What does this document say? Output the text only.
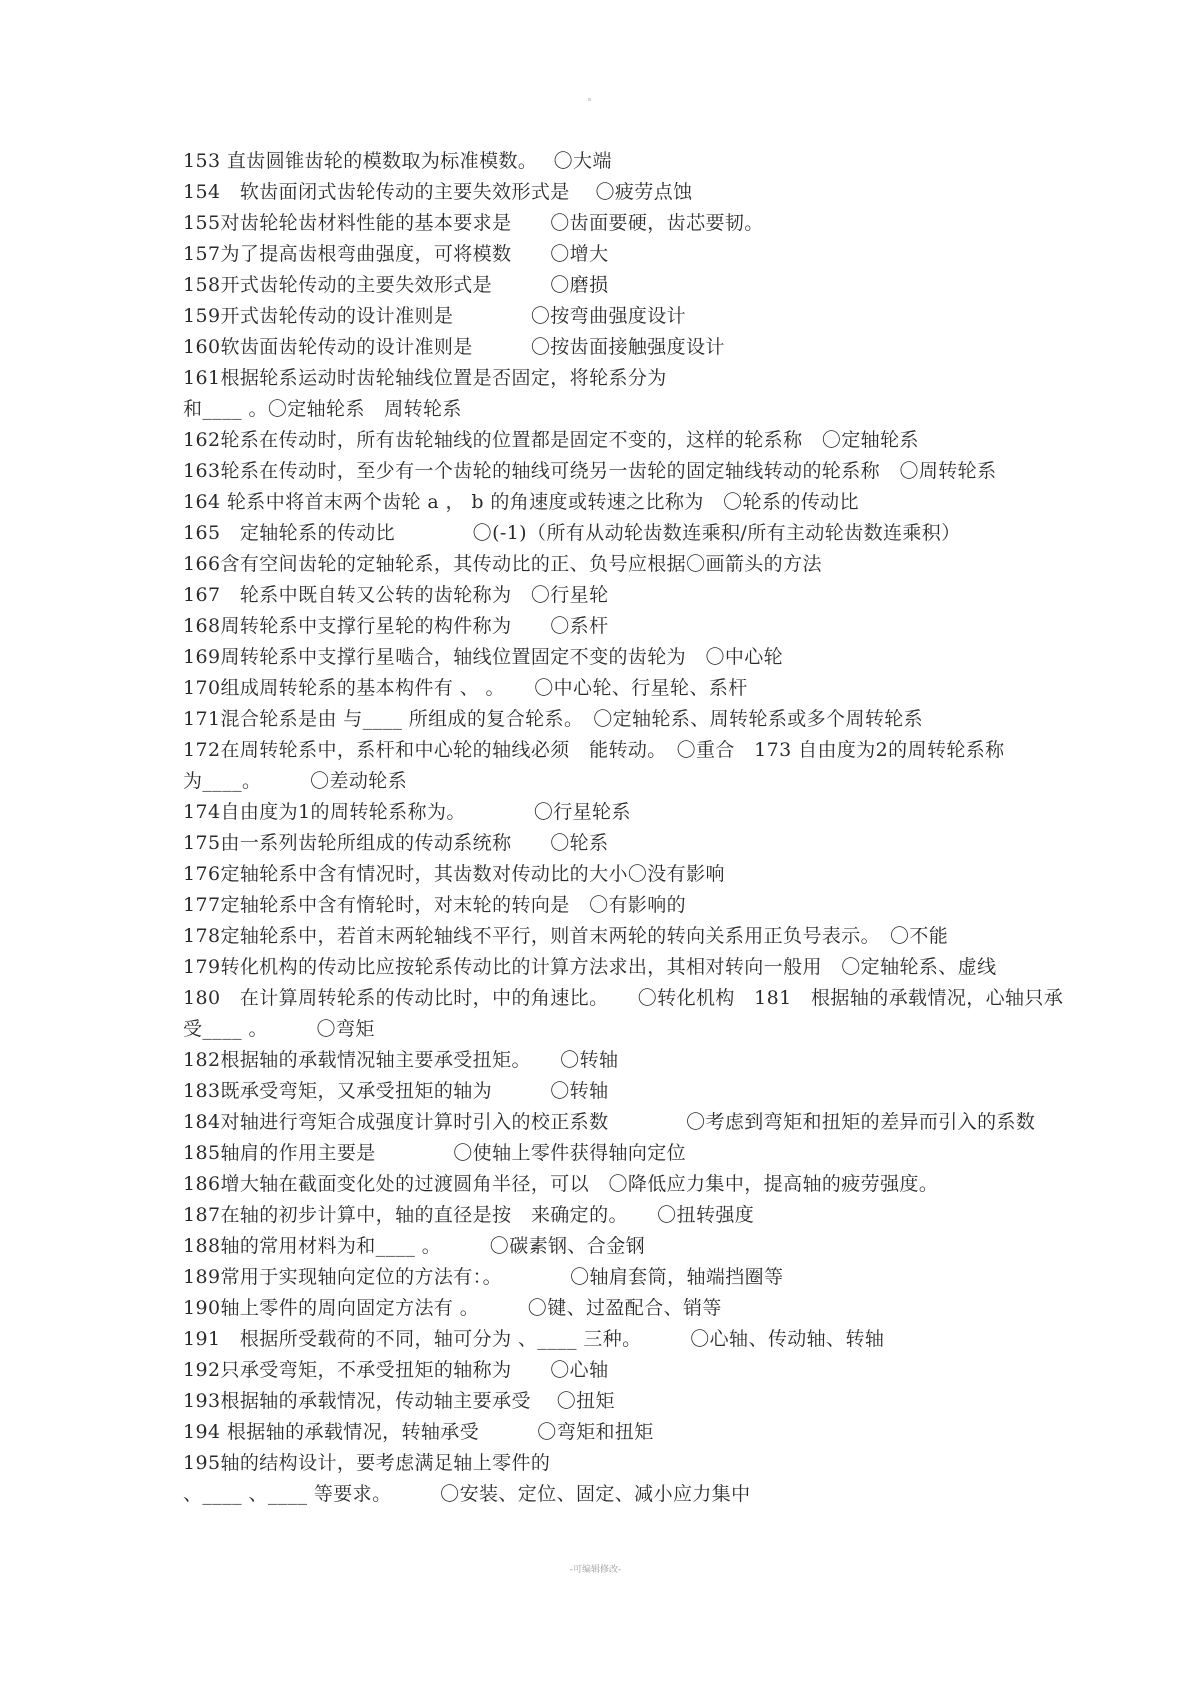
153 直齿圆锥齿轮的模数取为标准模数。　 〇大端
154　软齿面闭式齿轮传动的主要失效形式是　 〇疲劳点蚀
155对齿轮轮齿材料性能的基本要求是　　〇齿面要硬，齿芯要韧。
157为了提高齿根弯曲强度，可将模数　　〇增大
158开式齿轮传动的主要失效形式是　　　〇磨损
159开式齿轮传动的设计准则是　　　　〇按弯曲强度设计
160软齿面齿轮传动的设计准则是　　　〇按齿面接触强度设计
161根据轮系运动时齿轮轴线位置是否固定，将轮系分为
和____ 。〇定轴轮系　周转轮系
162轮系在传动时，所有齿轮轴线的位置都是固定不变的，这样的轮系称　〇定轴轮系
163轮系在传动时，至少有一个齿轮的轴线可绕另一齿轮的固定轴线转动的轮系称　〇周转轮系
164 轮系中将首末两个齿轮 a ， b 的角速度或转速之比称为　〇轮系的传动比
165　定轴轮系的传动比　　　　〇(-1)（所有从动轮齿数连乘积/所有主动轮齿数连乘积）
166含有空间齿轮的定轴轮系，其传动比的正、负号应根据〇画箭头的方法
167　轮系中既自转又公转的齿轮称为　〇行星轮
168周转轮系中支撑行星轮的构件称为　　〇系杆
169周转轮系中支撑行星啮合，轴线位置固定不变的齿轮为　〇中心轮
170组成周转轮系的基本构件有 、 。　　〇中心轮、行星轮、系杆
171混合轮系是由 与____ 所组成的复合轮系。　〇定轴轮系、周转轮系或多个周转轮系
172在周转轮系中，系杆和中心轮的轴线必须　能转动。　〇重合　173 自由度为2的周转轮系称
为____。　　　〇差动轮系
174自由度为1的周转轮系称为。　　　　〇行星轮系
175由一系列齿轮所组成的传动系统称　　〇轮系
176定轴轮系中含有情况时，其齿数对传动比的大小〇没有影响
177定轴轮系中含有惰轮时，对末轮的转向是　〇有影响的
178定轴轮系中，若首末两轮轴线不平行，则首末两轮的转向关系用正负号表示。　〇不能
179转化机构的传动比应按轮系传动比的计算方法求出，其相对转向一般用　〇定轴轮系、虚线
180　在计算周转轮系的传动比时，中的角速比。　　〇转化机构　181　根据轴的承载情况，心轴只承
受____ 。　　　〇弯矩
182根据轴的承载情况轴主要承受扭矩。　　〇转轴
183既承受弯矩，又承受扭矩的轴为　　　〇转轴
184对轴进行弯矩合成强度计算时引入的校正系数　　　　〇考虑到弯矩和扭矩的差异而引入的系数
185轴肩的作用主要是　　　　〇使轴上零件获得轴向定位
186增大轴在截面变化处的过渡圆角半径，可以　〇降低应力集中，提高轴的疲劳强度。
187在轴的初步计算中，轴的直径是按　来确定的。　　〇扭转强度
188轴的常用材料为和____ 。　　　〇碳素钢、合金钢
189常用于实现轴向定位的方法有：。　　　　〇轴肩套筒，轴端挡圈等
190轴上零件的周向固定方法有 。　　　〇键、过盈配合、销等
191　根据所受载荷的不同，轴可分为 、____ 三种。　　　〇心轴、传动轴、转轴
192只承受弯矩，不承受扭矩的轴称为　　〇心轴
193根据轴的承载情况，传动轴主要承受　 〇扭矩
194 根据轴的承载情况，转轴承受　　　〇弯矩和扭矩
195轴的结构设计，要考虑满足轴上零件的
、____ 、____ 等要求。　　　〇安装、定位、固定、减小应力集中
-可编辑修改-
